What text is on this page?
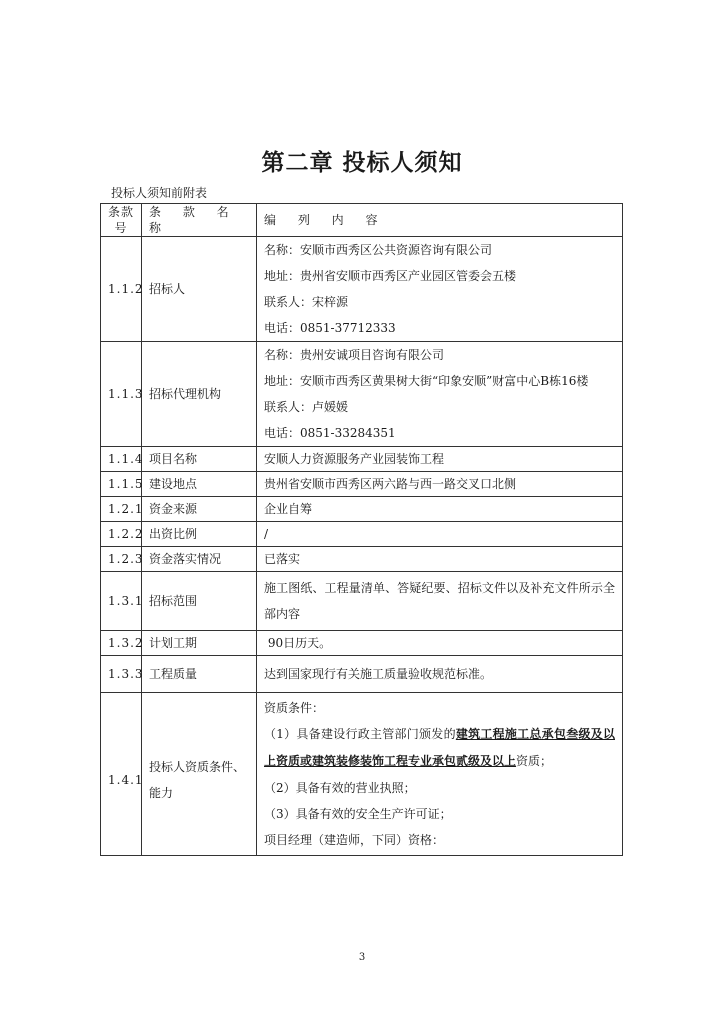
第二章 投标人须知
投标人须知前附表
条款号	条 款 名 称	编 列 内 容
1.1.2	招标人	名称：安顺市西秀区公共资源咨询有限公司
地址：贵州省安顺市西秀区产业园区管委会五楼
联系人：宋梓源
电话：0851-37712333

1.1.3	招标代理机构	名称：贵州安诚项目咨询有限公司
地址：安顺市西秀区黄果树大街“印象安顺”财富中心B栋16楼
联系人：卢媛媛
电话：0851-33284351

1.1.4	项目名称	安顺人力资源服务产业园装饰工程
1.1.5	建设地点	贵州省安顺市西秀区两六路与西一路交叉口北侧
1.2.1	资金来源	企业自筹
1.2.2	出资比例	/
1.2.3	资金落实情况	已落实
1.3.1	招标范围	施工图纸、工程量清单、答疑纪要、招标文件以及补充文件所示全部内容

1.3.2	计划工期	90日历天。
1.3.3	工程质量	达到国家现行有关施工质量验收规范标准。
1.4.1	投标人资质条件、能力	资质条件：
（1）具备建设行政主管部门颁发的建筑工程施工总承包叁级及以上资质或建筑装修装饰工程专业承包贰级及以上资质；
（2）具备有效的营业执照；
（3）具备有效的安全生产许可证；
项目经理（建造师，下同）资格：
3
